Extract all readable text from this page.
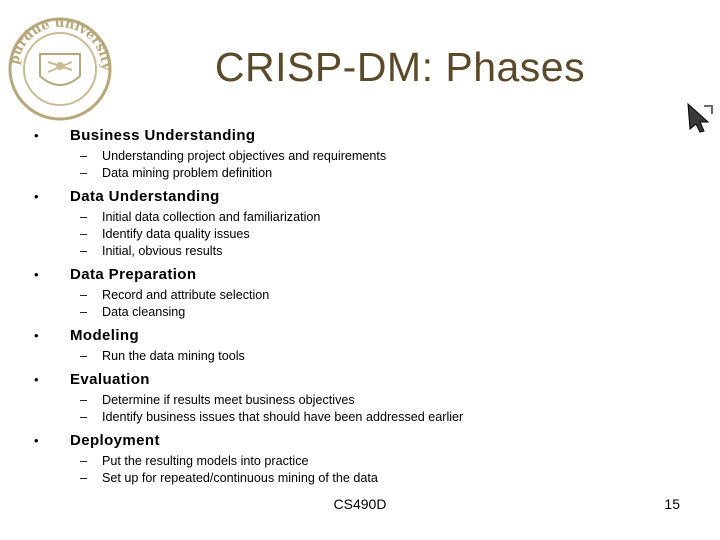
purdue university	CRISP-DM: Phases
• Business Understanding
– Understanding project objectives and requirements
– Data mining problem definition
• Data Understanding
– Initial data collection and familiarization
– Identify data quality issues
– Initial, obvious results
• Data Preparation
– Record and attribute selection
– Data cleansing
• Modeling
– Run the data mining tools
• Evaluation
– Determine if results meet business objectives
– Identify business issues that should have been addressed earlier
• Deployment
– Put the resulting models into practice
– Set up for repeated/continuous mining of the data
CS490D	15
